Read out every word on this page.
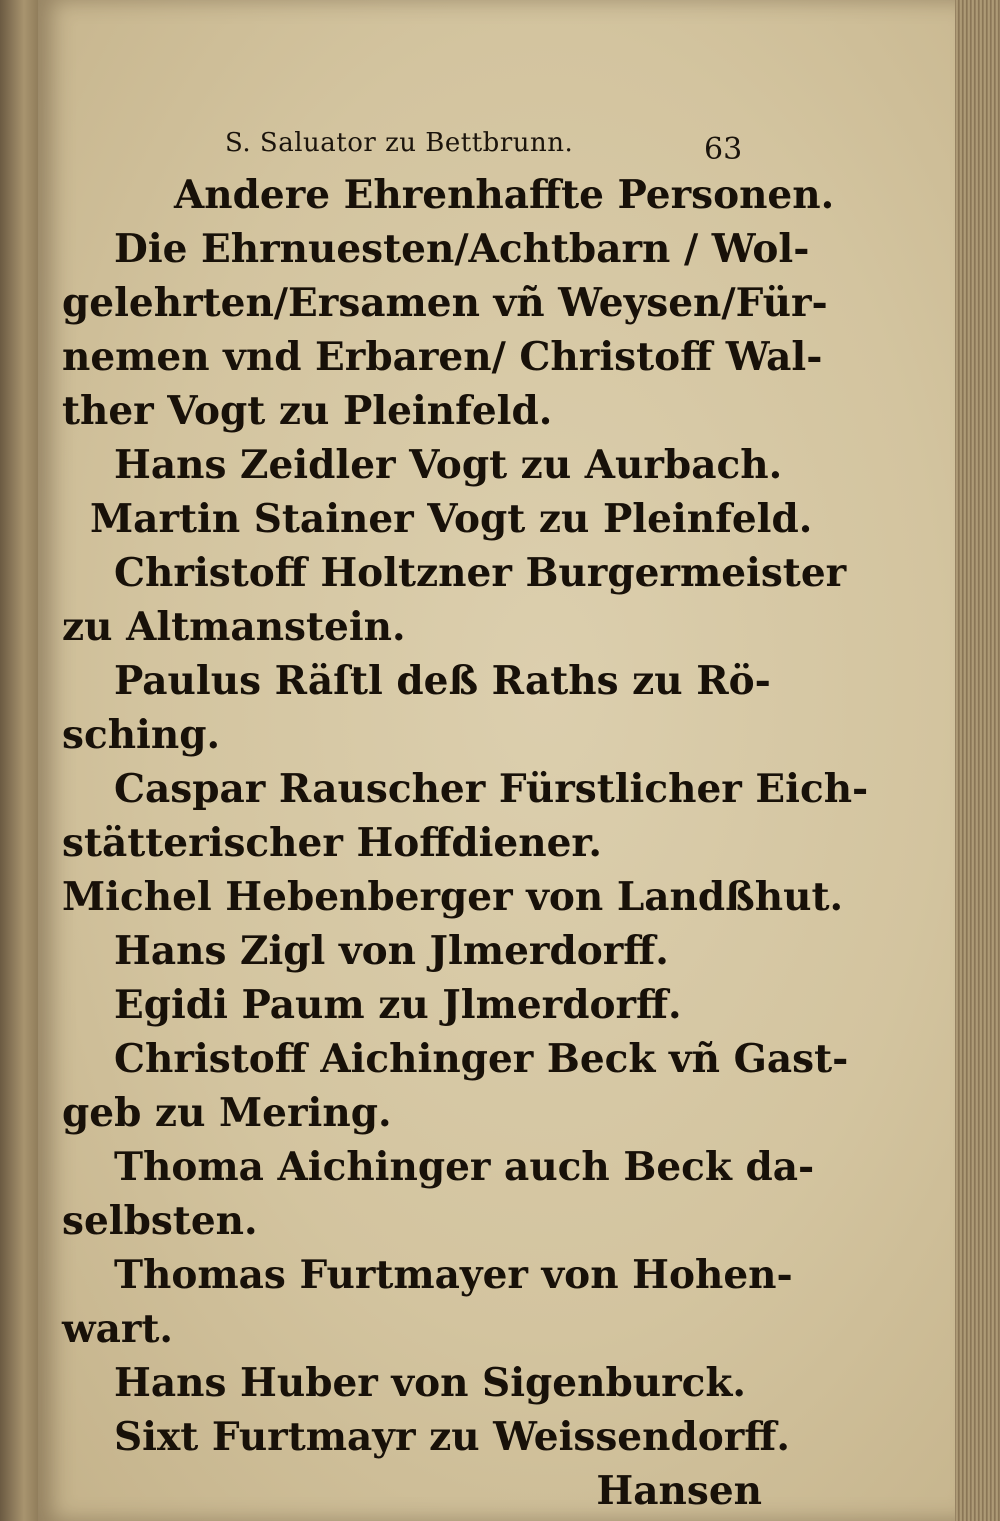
S. Saluator zu Bettbrunn.	63
Andere Ehrenhaffte Personen.
Die Ehrnuesten/Achtbarn / Wol-
gelehrten/Ersamen vñ Weysen/Für-
nemen vnd Erbaren/ Christoff Wal-
ther Vogt zu Pleinfeld.
Hans Zeidler Vogt zu Aurbach.
Martin Stainer Vogt zu Pleinfeld.
Christoff Holtzner Burgermeister
zu Altmanstein.
Paulus Räſtl deß Raths zu Rö-
sching.
Caspar Rauscher Fürstlicher Eich-
stätterischer Hoffdiener.
Michel Hebenberger von Landßhut.
Hans Zigl von Jlmerdorff.
Egidi Paum zu Jlmerdorff.
Christoff Aichinger Beck vñ Gast-
geb zu Mering.
Thoma Aichinger auch Beck da-
selbsten.
Thomas Furtmayer von Hohen-
wart.
Hans Huber von Sigenburck.
Sixt Furtmayr zu Weissendorff.
Hansen
